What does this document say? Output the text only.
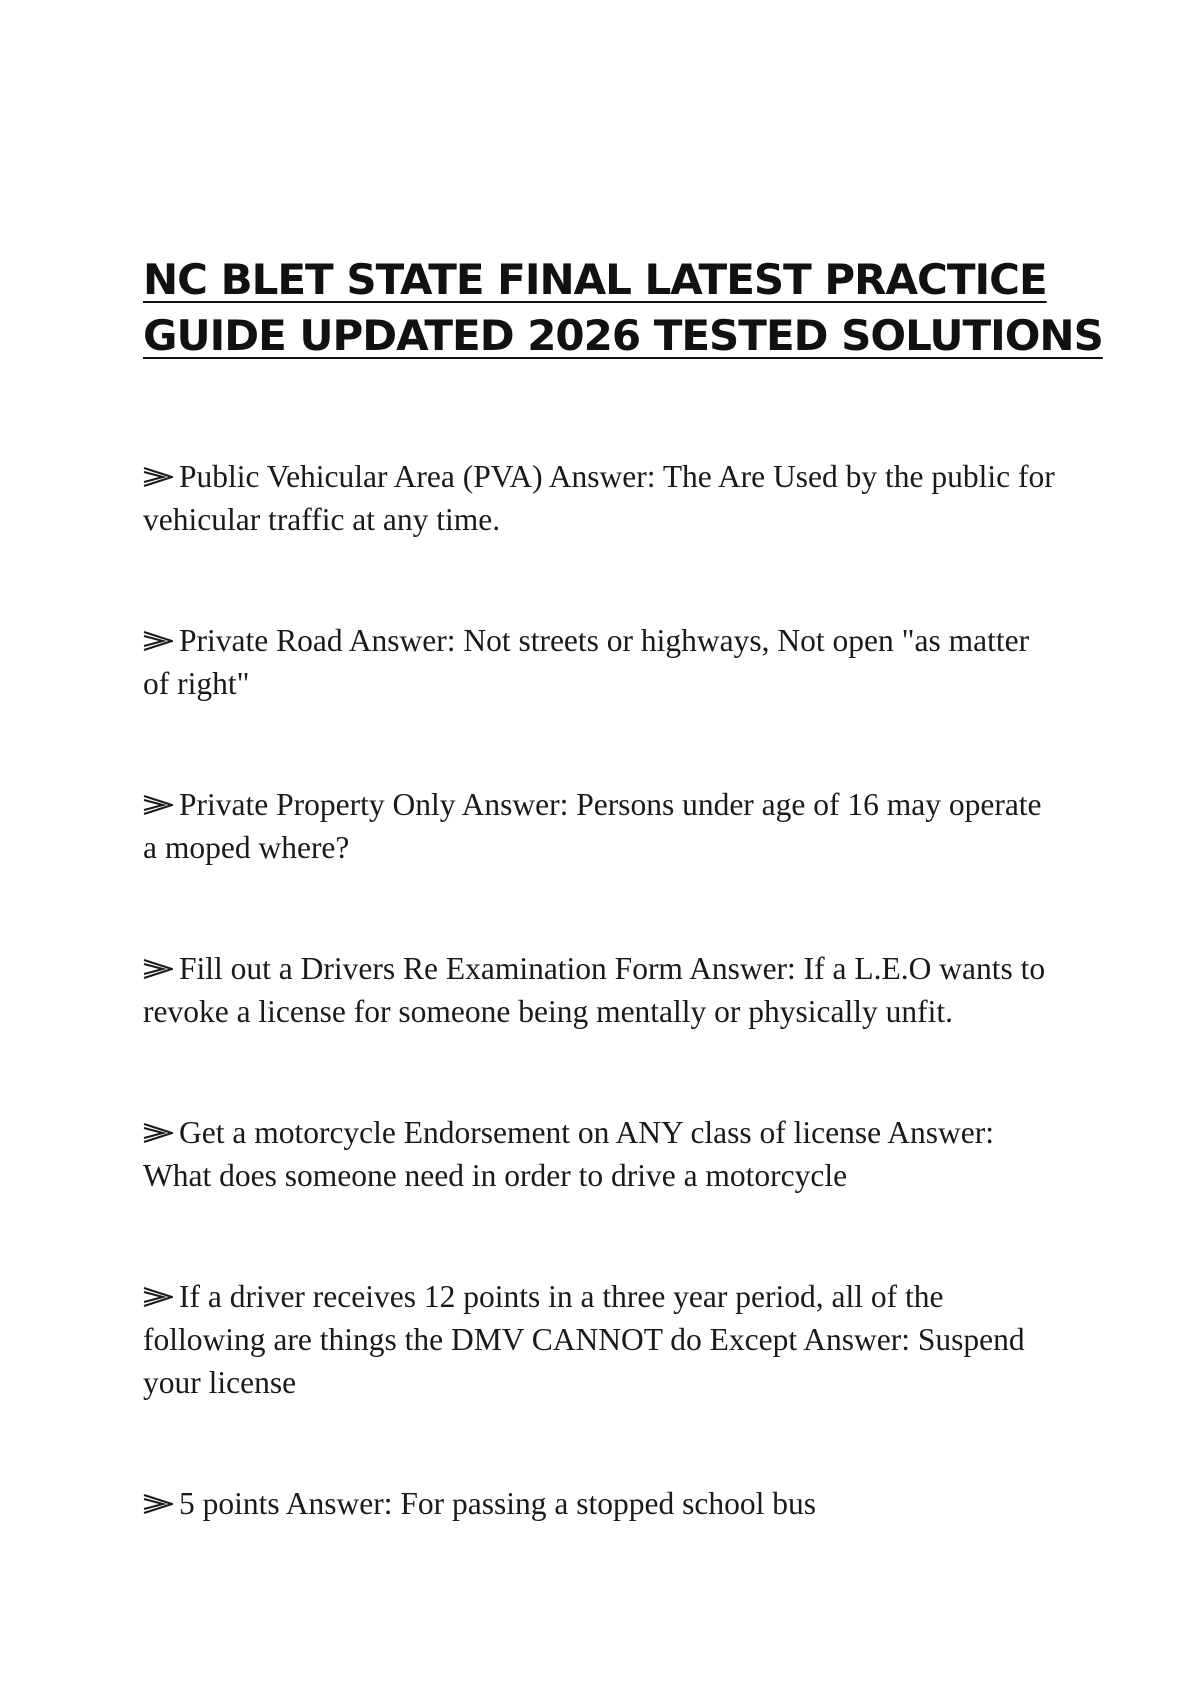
NC BLET STATE FINAL LATEST PRACTICE
GUIDE UPDATED 2026 TESTED SOLUTIONS
Public Vehicular Area (PVA) Answer: The Are Used by the public for vehicular traffic at any time.
Private Road Answer: Not streets or highways, Not open "as matter of right"
Private Property Only Answer: Persons under age of 16 may operate a moped where?
Fill out a Drivers Re Examination Form Answer: If a L.E.O wants to revoke a license for someone being mentally or physically unfit.
Get a motorcycle Endorsement on ANY class of license Answer: What does someone need in order to drive a motorcycle
If a driver receives 12 points in a three year period, all of the following are things the DMV CANNOT do Except Answer: Suspend your license
5 points Answer: For passing a stopped school bus
